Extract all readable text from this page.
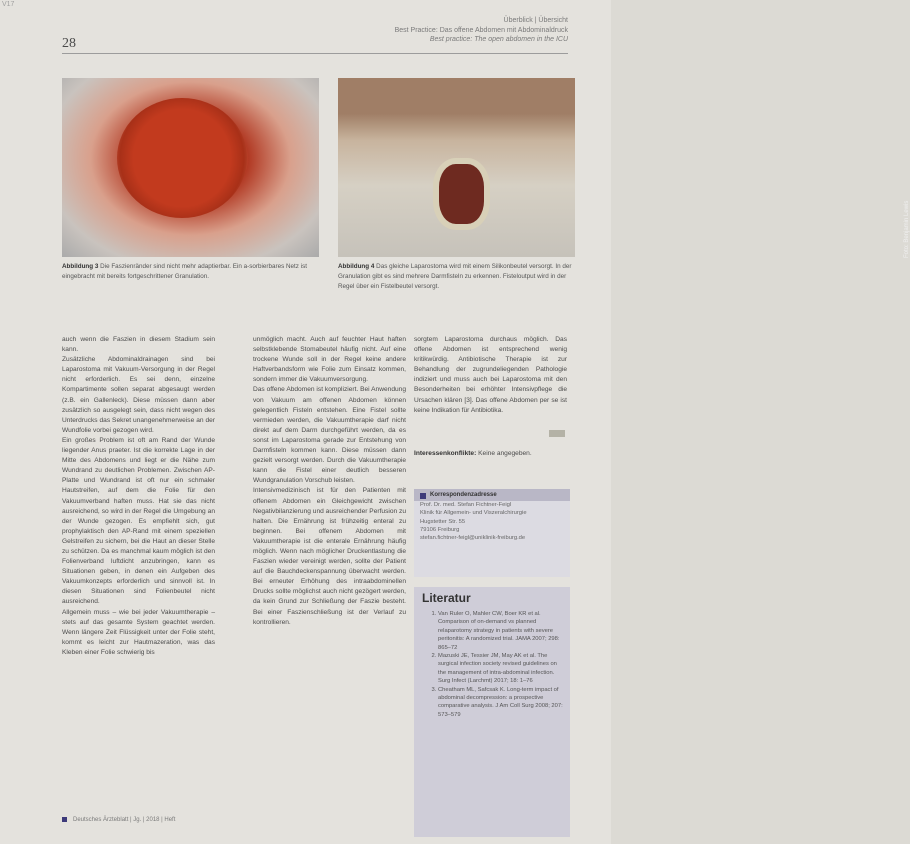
V17
28
Überblick | Übersicht
Best Practice: Das offene Abdomen mit Abdominaldruck
Best practice: The open abdomen in the ICU
Foto: Benjamin Lewis
Abbildung 3 Die Faszienränder sind nicht mehr adaptierbar. Ein a-sorbierbares Netz ist eingebracht mit bereits fortgeschrittener Granulation.
Abbildung 4 Das gleiche Laparostoma wird mit einem Silikonbeutel versorgt. In der Granulation gibt es sind mehrere Darmfisteln zu erkennen. Fisteloutput wird in der Regel über ein Fistelbeutel versorgt.

auch wenn die Faszien in diesem Stadium sein kann.

Zusätzliche Abdominaldrainagen sind bei Laparostoma mit Vakuum-Versorgung in der Regel nicht erforderlich. Es sei denn, einzelne Kompartimente sollen separat abgesaugt werden (z.B. ein Gallenleck). Diese müssen dann aber zusätzlich so ausgelegt sein, dass nicht wegen des Unterdrucks das Sekret unangenehmerweise an der Wundfolie vorbei gezogen wird.

Ein großes Problem ist oft am Rand der Wunde liegender Anus praeter. Ist die korrekte Lage in der Mitte des Abdomens und liegt er die Nähe zum Wundrand zu deutlichen Problemen. Zwischen AP-Platte und Wundrand ist oft nur ein schmaler Hautstreifen, auf dem die Folie für den Vakuumverband haften muss. Hat sie das nicht ausreichend, so wird in der Regel die Umgebung an der Wunde gezogen. Es empfiehlt sich, gut prophylaktisch den AP-Rand mit einem speziellen Gelstreifen zu sichern, bei die Haut an dieser Stelle zu schützen. Da es manchmal kaum möglich ist den Folienverband luftdicht anzubringen, kann es Situationen geben, in denen ein Aufgeben des Vakuumkonzepts erforderlich und sinnvoll ist. In diesen Situationen sind Folienbeutel nicht ausreichend.

Allgemein muss – wie bei jeder Vakuumtherapie – stets auf das gesamte System geachtet werden. Wenn längere Zeit Flüssigkeit unter der Folie steht, kommt es leicht zur Hautmazeration, was das Kleben einer Folie schwierig bis

unmöglich macht. Auch auf feuchter Haut haften selbstklebende Stomabeutel häufig nicht. Auf eine trockene Wunde soll in der Regel keine andere Haftverbandsform wie Folie zum Einsatz kommen, sondern immer die Vakuumversorgung.

Das offene Abdomen ist kompliziert. Bei Anwendung von Vakuum am offenen Abdomen können gelegentlich Fisteln entstehen. Eine Fistel sollte vermieden werden, die Vakuumtherapie darf nicht direkt auf dem Darm durchgeführt werden, da es sonst im Laparostoma gerade zur Entstehung von Darmfisteln kommen kann. Diese müssen dann gezielt versorgt werden. Durch die Vakuumtherapie kann die Fistel einer deutlich besseren Wundgranulation Vorschub leisten.

Intensivmedizinisch ist für den Patienten mit offenem Abdomen ein Gleichgewicht zwischen Negativbilanzierung und ausreichender Perfusion zu halten. Die Ernährung ist frühzeitig enteral zu beginnen. Bei offenem Abdomen mit Vakuumtherapie ist die enterale Ernährung häufig möglich. Wenn nach möglicher Druckentlastung die Faszien wieder vereinigt werden, sollte der Patient auf die Bauchdeckenspannung überwacht werden. Bei erneuter Erhöhung des intraabdominellen Drucks sollte möglichst auch nicht gezögert werden, da kein Grund zur Schließung der Faszie besteht. Bei einer Faszienschließung ist der Verlauf zu kontrollieren.

sorgtem Laparostoma durchaus möglich. Das offene Abdomen ist entsprechend wenig kritikwürdig. Antibiotische Therapie ist zur Behandlung der zugrundeliegenden Pathologie indiziert und muss auch bei Laparostoma mit den Besonderheiten bei erhöhter Intensivpflege die Ursachen klären [3]. Das offene Abdomen per se ist keine Indikation für Antibiotika.

Interessenkonflikte: Keine angegeben.

Korrespondenzadresse

Prof. Dr. med. Stefan Fichtner-Feigl
Klinik für Allgemein- und Viszeralchirurgie
Hugstetter Str. 55
79106 Freiburg
stefan.fichtner-feigl@uniklinik-freiburg.de

Literatur

1. Van Ruler O, Mahler CW, Boer KR et al. Comparison of on-demand vs planned relaparotomy strategy in patients with severe peritonitis: A randomized trial. JAMA 2007; 298: 865–72
2. Mazuski JE, Tessier JM, May AK et al. The surgical infection society revised guidelines on the management of intra-abdominal infection. Surg Infect (Larchmt) 2017; 18: 1–76
3. Cheatham ML, Safcsak K. Long-term impact of abdominal decompression: a prospective comparative analysis. J Am Coll Surg 2008; 207: 573–579
Deutsches Ärzteblatt | Jg. | 2018 | Heft
